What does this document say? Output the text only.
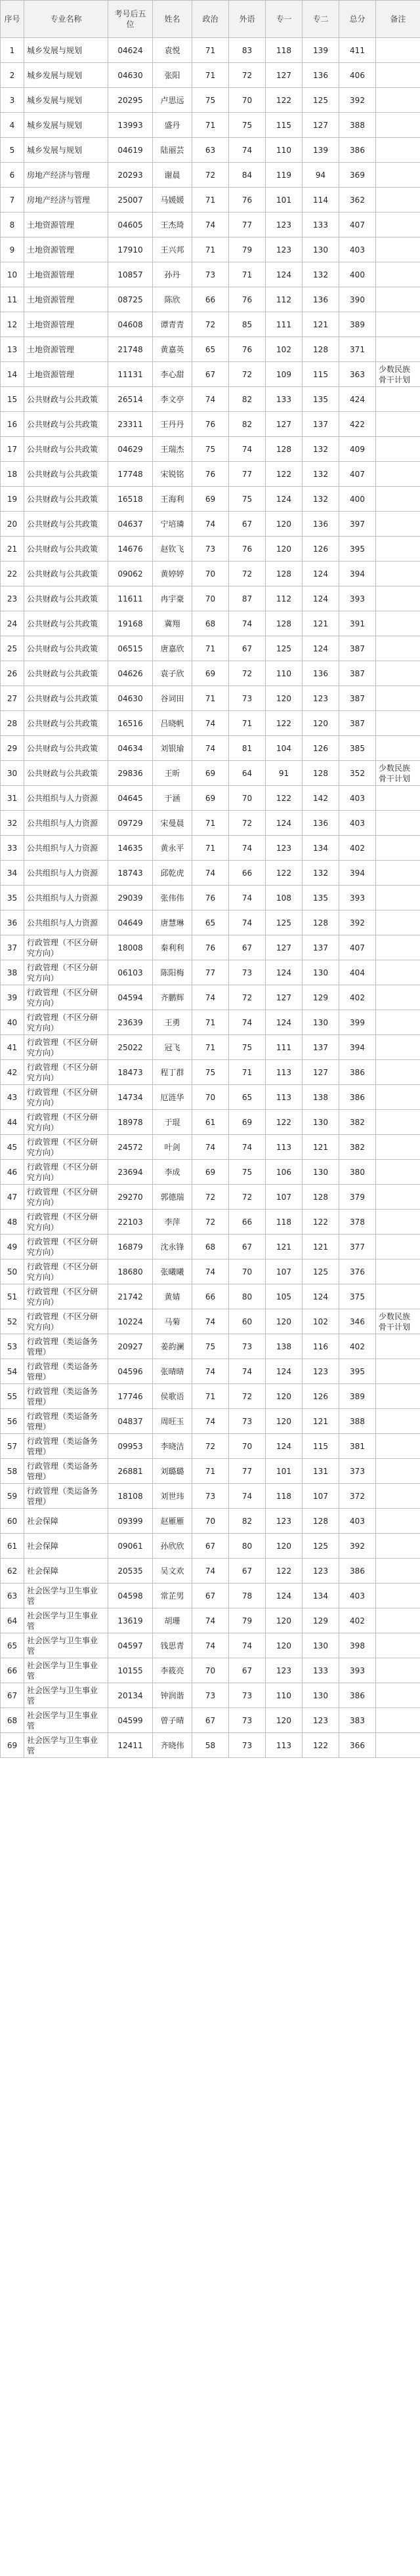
序号	专业名称	考号后五位	姓名	政治	外语	专一	专二	总分	备注
1	城乡发展与规划	04624	袁悦	71	83	118	139	411	
2	城乡发展与规划	04630	张阳	71	72	127	136	406	
3	城乡发展与规划	20295	卢思远	75	70	122	125	392	
4	城乡发展与规划	13993	盛丹	71	75	115	127	388	
5	城乡发展与规划	04619	陆丽芸	63	74	110	139	386	
6	房地产经济与管理	20293	谢晨	72	84	119	94	369	
7	房地产经济与管理	25007	马媛媛	71	76	101	114	362	
8	土地资源管理	04605	王杰琦	74	77	123	133	407	
9	土地资源管理	17910	王兴邦	71	79	123	130	403	
10	土地资源管理	10857	孙丹	73	71	124	132	400	
11	土地资源管理	08725	陈欣	66	76	112	136	390	
12	土地资源管理	04608	谭青青	72	85	111	121	389	
13	土地资源管理	21748	黄嘉英	65	76	102	128	371	
14	土地资源管理	11131	李心甜	67	72	109	115	363	少数民族骨干计划
15	公共财政与公共政策	26514	李文亭	74	82	133	135	424	
16	公共财政与公共政策	23311	王丹丹	76	82	127	137	422	
17	公共财政与公共政策	04629	王瑞杰	75	74	128	132	409	
18	公共财政与公共政策	17748	宋锐铭	76	77	122	132	407	
19	公共财政与公共政策	16518	王海利	69	75	124	132	400	
20	公共财政与公共政策	04637	宁培璘	74	67	120	136	397	
21	公共财政与公共政策	14676	赵钦飞	73	76	120	126	395	
22	公共财政与公共政策	09062	黄婷婷	70	72	128	124	394	
23	公共财政与公共政策	11611	冉宇豪	70	87	112	124	393	
24	公共财政与公共政策	19168	冀翔	68	74	128	121	391	
25	公共财政与公共政策	06515	唐嘉欣	71	67	125	124	387	
26	公共财政与公共政策	04626	袁子欣	69	72	110	136	387	
27	公共财政与公共政策	04630	谷词田	71	73	120	123	387	
28	公共财政与公共政策	16516	吕晓帆	74	71	122	120	387	
29	公共财政与公共政策	04634	刘银瑜	74	81	104	126	385	
30	公共财政与公共政策	29836	王昕	69	64	91	128	352	少数民族骨干计划
31	公共组织与人力资源	04645	于涵	69	70	122	142	403	
32	公共组织与人力资源	09729	宋曼晨	71	72	124	136	403	
33	公共组织与人力资源	14635	黄永平	71	74	123	134	402	
34	公共组织与人力资源	18743	邱乾虎	74	66	122	132	394	
35	公共组织与人力资源	29039	张伟伟	76	74	108	135	393	
36	公共组织与人力资源	04649	唐慧琳	65	74	125	128	392	
37	行政管理（不区分研究方向）	18008	秦利利	76	67	127	137	407	
38	行政管理（不区分研究方向）	06103	陈阳梅	77	73	124	130	404	
39	行政管理（不区分研究方向）	04594	齐鹏辉	74	72	127	129	402	
40	行政管理（不区分研究方向）	23639	王勇	71	74	124	130	399	
41	行政管理（不区分研究方向）	25022	冠飞	71	75	111	137	394	
42	行政管理（不区分研究方向）	18473	程丁群	75	71	113	127	386	
43	行政管理（不区分研究方向）	14734	厄涟华	70	65	113	138	386	
44	行政管理（不区分研究方向）	18978	于琨	61	69	122	130	382	
45	行政管理（不区分研究方向）	24572	叶剑	74	74	113	121	382	
46	行政管理（不区分研究方向）	23694	李成	69	75	106	130	380	
47	行政管理（不区分研究方向）	29270	郭德瑞	72	72	107	128	379	
48	行政管理（不区分研究方向）	22103	李萍	72	66	118	122	378	
49	行政管理（不区分研究方向）	16879	沈永锋	68	67	121	121	377	
50	行政管理（不区分研究方向）	18680	张曦曦	74	70	107	125	376	
51	行政管理（不区分研究方向）	21742	黄婧	66	80	105	124	375	
52	行政管理（不区分研究方向）	10224	马菊	74	60	120	102	346	少数民族骨干计划
53	行政管理（类运备务管理）	20927	姜韵澜	75	73	138	116	402	
54	行政管理（类运备务管理）	04596	张晴晴	74	74	124	123	395	
55	行政管理（类运备务管理）	17746	侯歌语	71	72	120	126	389	
56	行政管理（类运备务管理）	04837	周旺玉	74	73	120	121	388	
57	行政管理（类运备务管理）	09953	李晓洁	72	70	124	115	381	
58	行政管理（类运备务管理）	26881	刘璐璐	71	77	101	131	373	
59	行政管理（类运备务管理）	18108	刘世玮	73	74	118	107	372	
60	社会保障	09399	赵雁雁	70	82	123	128	403	
61	社会保障	09061	孙欣欣	67	80	120	125	392	
62	社会保障	20535	吴文欢	74	67	122	123	386	
63	社会医学与卫生事业管	04598	常芷男	67	78	124	134	403	
64	社会医学与卫生事业管	13619	胡珊	74	79	120	129	402	
65	社会医学与卫生事业管	04597	钱思青	74	74	120	130	398	
66	社会医学与卫生事业管	10155	李筱亮	70	67	123	133	393	
67	社会医学与卫生事业管	20134	钟润谐	73	73	110	130	386	
68	社会医学与卫生事业管	04599	曾子晴	67	73	120	123	383	
69	社会医学与卫生事业管	12411	齐晓伟	58	73	113	122	366	
